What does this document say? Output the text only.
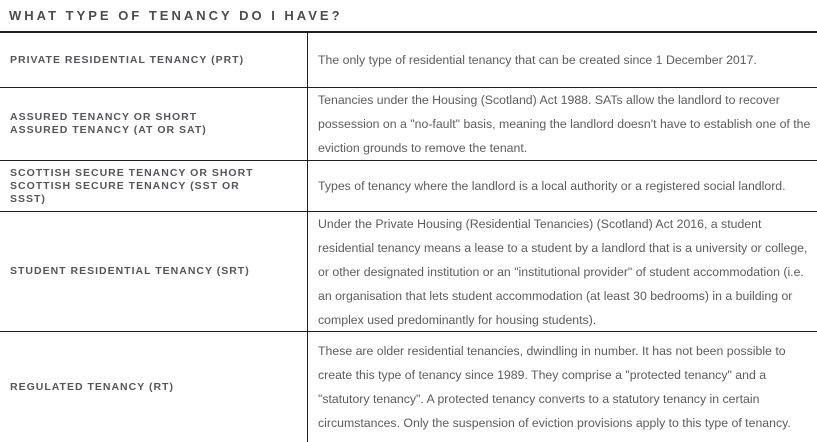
WHAT TYPE OF TENANCY DO I HAVE?
PRIVATE RESIDENTIAL TENANCY (PRT)	The only type of residential tenancy that can be created since 1 December 2017.
ASSURED TENANCY OR SHORT
ASSURED TENANCY (AT OR SAT)
Tenancies under the Housing (Scotland) Act 1988. SATs allow the landlord to recover possession on a "no-fault" basis, meaning the landlord doesn't have to establish one of the eviction grounds to remove the tenant.
SCOTTISH SECURE TENANCY OR SHORT
SCOTTISH SECURE TENANCY (SST OR
SSST)
Types of tenancy where the landlord is a local authority or a registered social landlord.
STUDENT RESIDENTIAL TENANCY (SRT)
Under the Private Housing (Residential Tenancies) (Scotland) Act 2016, a student residential tenancy means a lease to a student by a landlord that is a university or college, or other designated institution or an "institutional provider" of student accommodation (i.e. an organisation that lets student accommodation (at least 30 bedrooms) in a building or complex used predominantly for housing students).
REGULATED TENANCY (RT)
These are older residential tenancies, dwindling in number. It has not been possible to create this type of tenancy since 1989. They comprise a "protected tenancy" and a "statutory tenancy". A protected tenancy converts to a statutory tenancy in certain circumstances. Only the suspension of eviction provisions apply to this type of tenancy.
